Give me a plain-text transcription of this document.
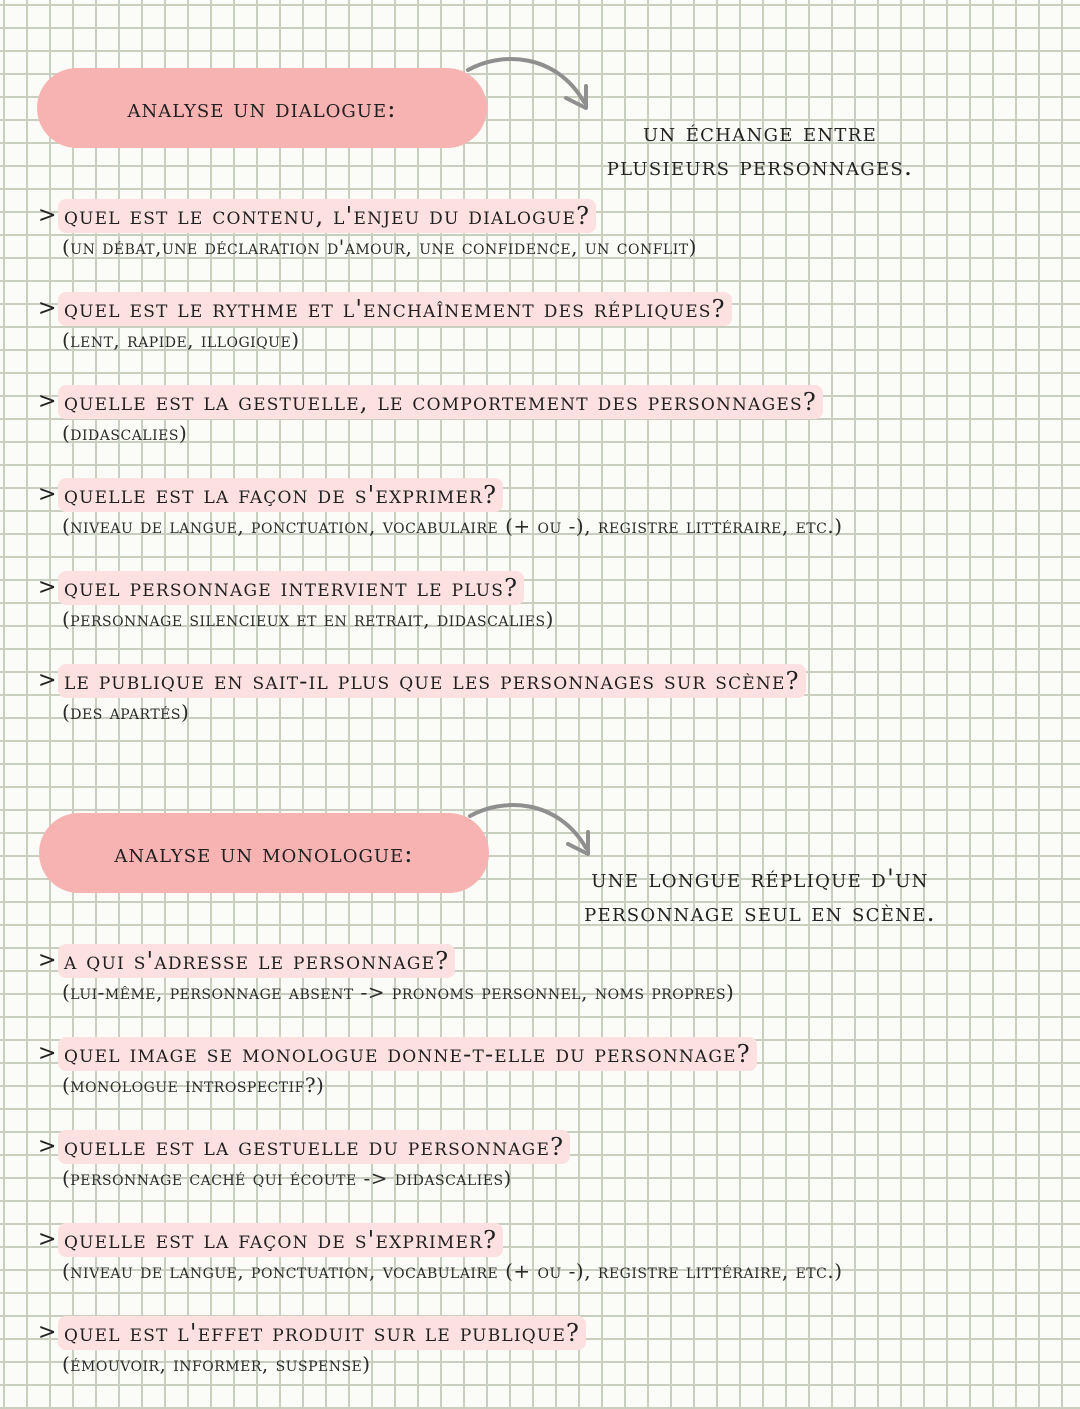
analyse un dialogue:
un échange entre
plusieurs personnages.
> quel est le contenu, l'enjeu du dialogue?
(un débat,une déclaration d'amour, une confidence, un conflit)
> quel est le rythme et l'enchaînement des répliques?
(lent, rapide, illogique)
> quelle est la gestuelle, le comportement des personnages?
(didascalies)
> quelle est la façon de s'exprimer?
(niveau de langue, ponctuation, vocabulaire (+ ou -), registre littéraire, etc.)
> quel personnage intervient le plus?
(personnage silencieux et en retrait, didascalies)
> le publique en sait-il plus que les personnages sur scène?
(des apartés)
analyse un monologue:
une longue réplique d'un
personnage seul en scène.
> a qui s'adresse le personnage?
(lui-même, personnage absent -> pronoms personnel, noms propres)
> quel image se monologue donne-t-elle du personnage?
(monologue introspectif?)
> quelle est la gestuelle du personnage?
(personnage caché qui écoute -> didascalies)
> quelle est la façon de s'exprimer?
(niveau de langue, ponctuation, vocabulaire (+ ou -), registre littéraire, etc.)
> quel est l'effet produit sur le publique?
(émouvoir, informer, suspense)
